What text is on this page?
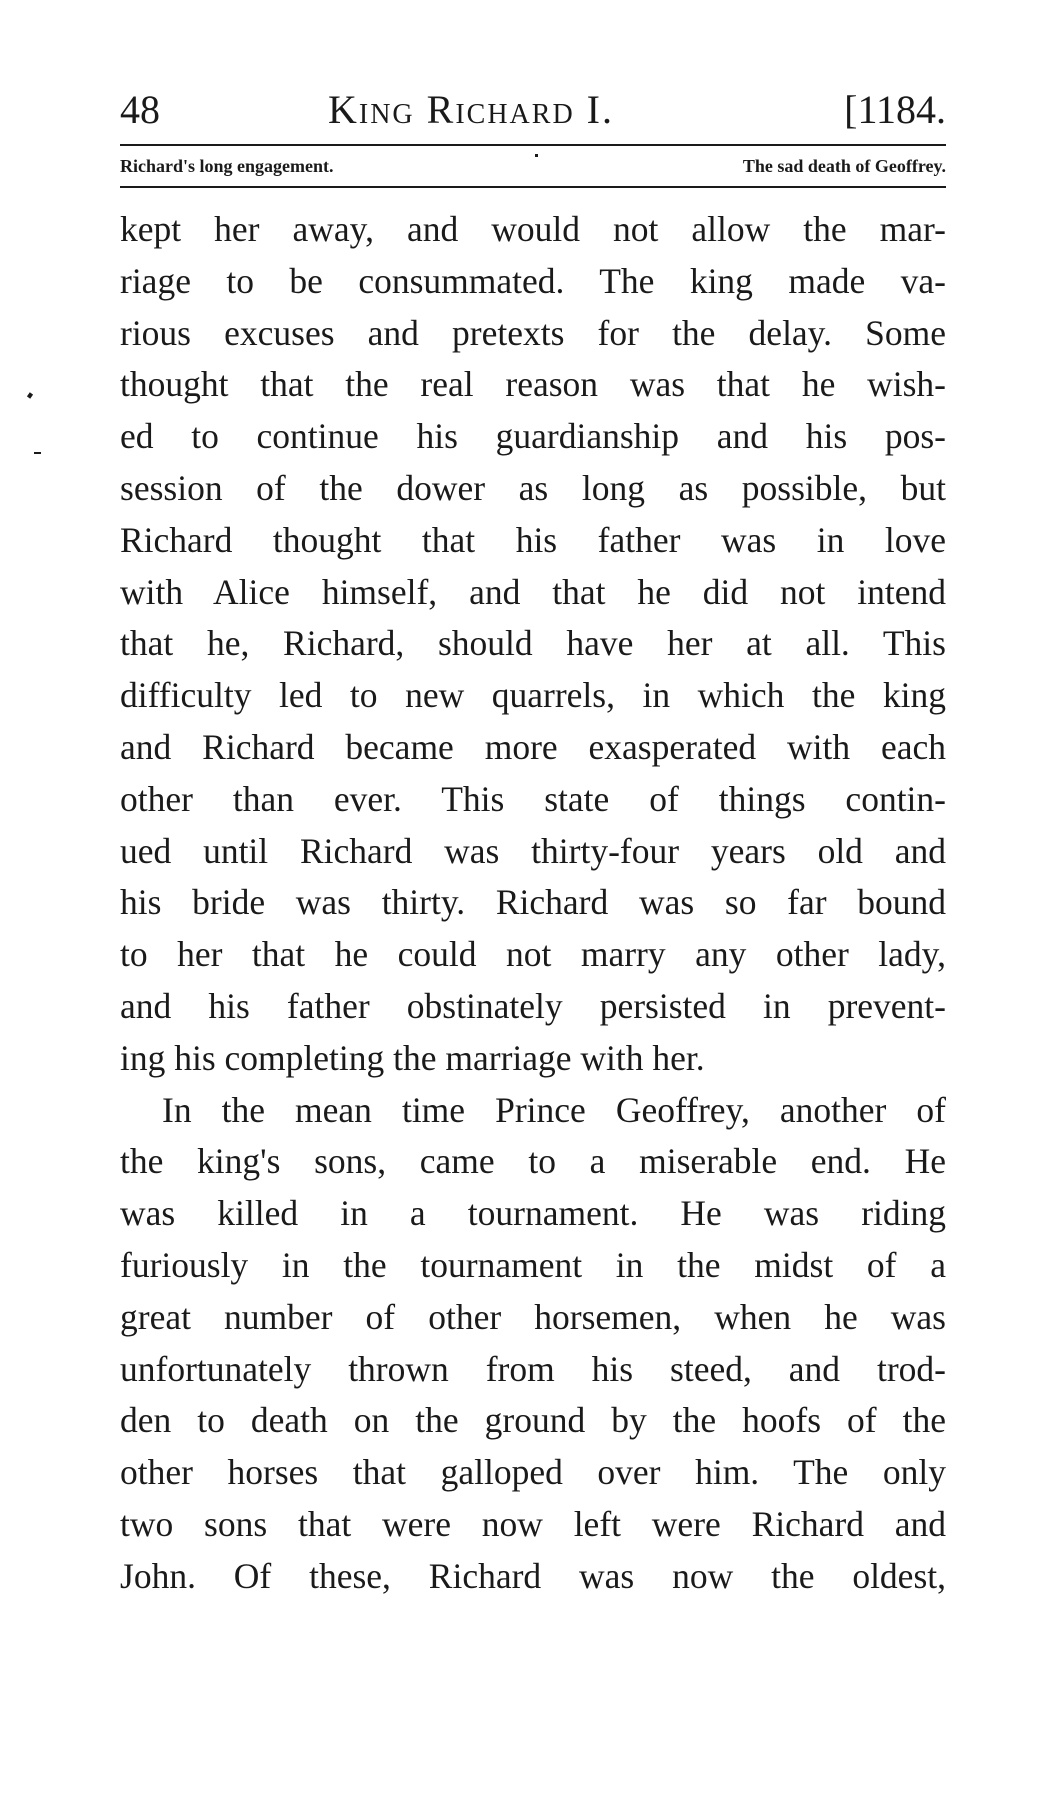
48	King Richard I.	[1184.
Richard's long engagement.	The sad death of Geoffrey.
kept her away, and would not allow the mar-
riage to be consummated. The king made va-
rious excuses and pretexts for the delay. Some
thought that the real reason was that he wish-
ed to continue his guardianship and his pos-
session of the dower as long as possible, but
Richard thought that his father was in love
with Alice himself, and that he did not intend
that he, Richard, should have her at all. This
difficulty led to new quarrels, in which the king
and Richard became more exasperated with each
other than ever. This state of things contin-
ued until Richard was thirty-four years old and
his bride was thirty. Richard was so far bound
to her that he could not marry any other lady,
and his father obstinately persisted in prevent-
ing his completing the marriage with her.
In the mean time Prince Geoffrey, another of
the king's sons, came to a miserable end. He
was killed in a tournament. He was riding
furiously in the tournament in the midst of a
great number of other horsemen, when he was
unfortunately thrown from his steed, and trod-
den to death on the ground by the hoofs of the
other horses that galloped over him. The only
two sons that were now left were Richard and
John. Of these, Richard was now the oldest,
